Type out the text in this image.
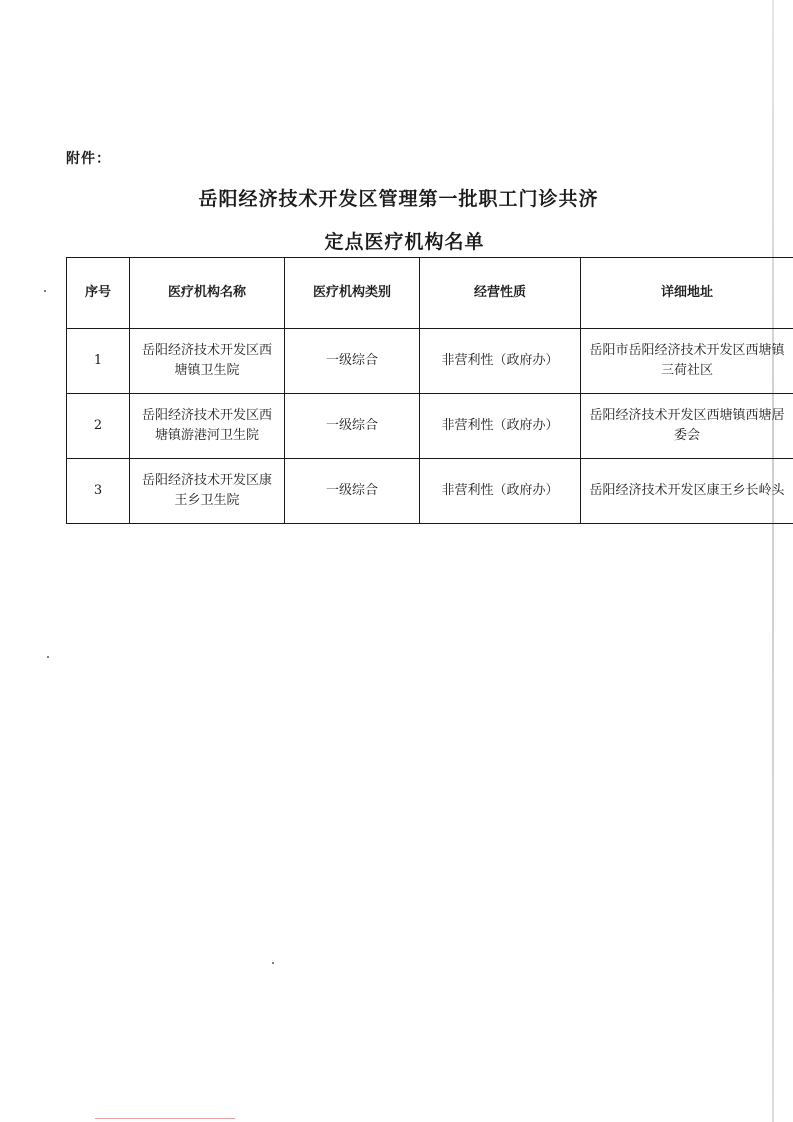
附件：
岳阳经济技术开发区管理第一批职工门诊共济
定点医疗机构名单
序号	医疗机构名称	医疗机构类别	经营性质	详细地址
1	岳阳经济技术开发区西塘镇卫生院	一级综合	非营利性（政府办）	岳阳市岳阳经济技术开发区西塘镇三荷社区
2	岳阳经济技术开发区西塘镇游港河卫生院	一级综合	非营利性（政府办）	岳阳经济技术开发区西塘镇西塘居委会
3	岳阳经济技术开发区康王乡卫生院	一级综合	非营利性（政府办）	岳阳经济技术开发区康王乡长岭头
